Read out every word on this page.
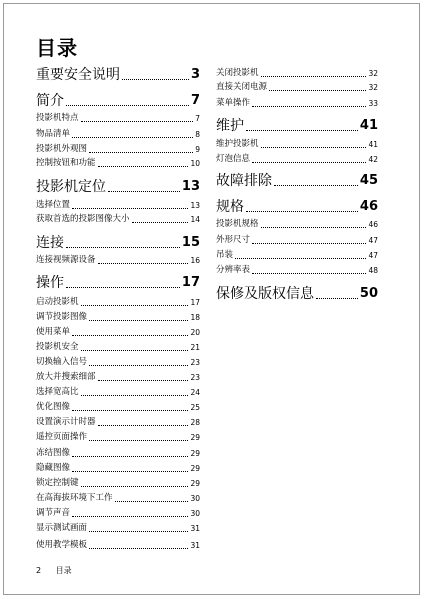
目录
重要安全说明	3
简介	7
投影机特点	7
物品清单	8
投影机外观图	9
控制按钮和功能	10
投影机定位	13
选择位置	13
获取首选的投影图像大小	14
连接	15
连接视频源设备	16
操作	17
启动投影机	17
调节投影图像	18
使用菜单	20
投影机安全	21
切换输入信号	23
放大并搜索细部	23
选择宽高比	24
优化图像	25
设置演示计时器	28
遥控页面操作	29
冻结图像	29
隐藏图像	29
锁定控制键	29
在高海拔环境下工作	30
调节声音	30
显示测试画面	31
使用教学模板	31
关闭投影机	32
直接关闭电源	32
菜单操作	33
维护	41
维护投影机	41
灯泡信息	42
故障排除	45
规格	46
投影机规格	46
外形尺寸	47
吊装	47
分辨率表	48
保修及版权信息	50
2 目录
